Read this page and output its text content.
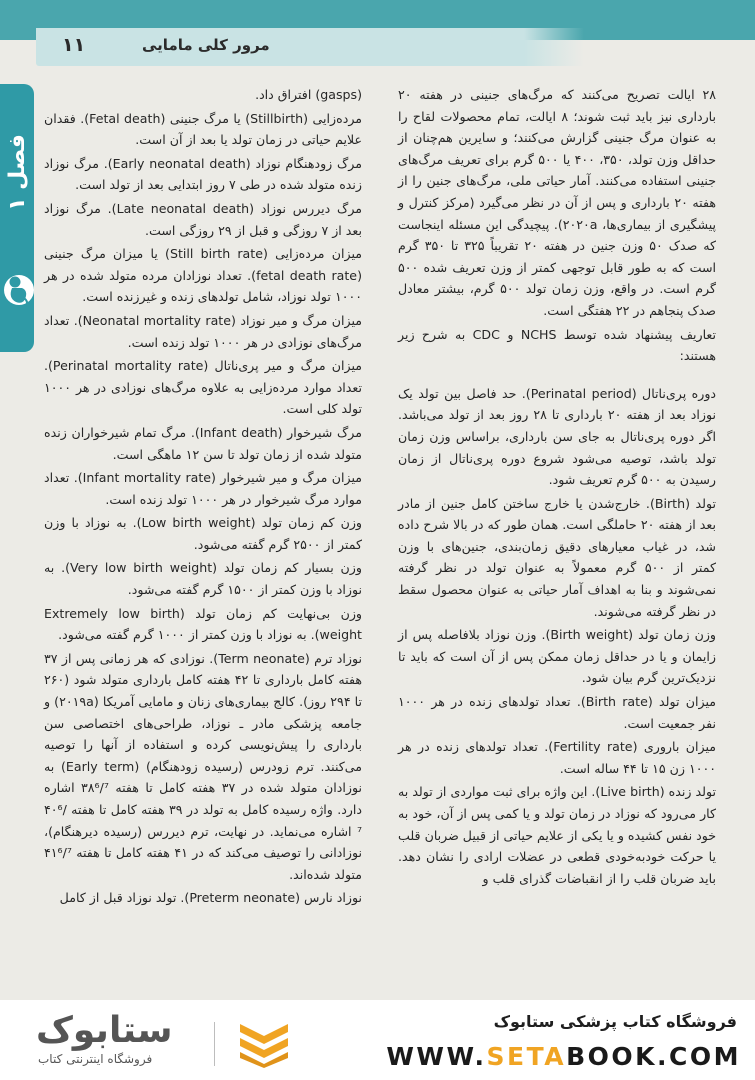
۱۱	مرور کلی مامایی
فصل ۱

۲۸ ایالت تصریح می‌کنند که مرگ‌های جنینی در هفته ۲۰ بارداری نیز باید ثبت شوند؛ ۸ ایالت، تمام محصولات لقاح را به عنوان مرگ جنینی گزارش می‌کنند؛ و سایرین هم‌چنان از حداقل وزن تولد، ۳۵۰، ۴۰۰ یا ۵۰۰ گرم برای تعریف مرگ‌های جنینی استفاده می‌کنند. آمار حیاتی ملی، مرگ‌های جنین را از هفته ۲۰ بارداری و پس از آن در نظر می‌گیرد (مرکز کنترل و پیشگیری از بیماری‌ها، ۲۰۲۰a). پیچیدگی این مسئله اینجاست که صدک ۵۰ وزن جنین در هفته ۲۰ تقریباً ۳۲۵ تا ۳۵۰ گرم است که به طور قابل توجهی کمتر از وزن تعریف شده ۵۰۰ گرم است. در واقع، وزن زمان تولد ۵۰۰ گرم، بیشتر معادل صدک پنجاهم در ۲۲ هفتگی است.

تعاریف پیشنهاد شده توسط NCHS و CDC به شرح زیر هستند:

دوره پری‌ناتال (Perinatal period). حد فاصل بین تولد یک نوزاد بعد از هفته ۲۰ بارداری تا ۲۸ روز بعد از تولد می‌باشد. اگر دوره پری‌ناتال به جای سن بارداری، براساس وزن زمان تولد باشد، توصیه می‌شود شروع دوره پری‌ناتال از زمان رسیدن به ۵۰۰ گرم تعریف شود.

تولد (Birth). خارج‌شدن یا خارج ساختن کامل جنین از مادر بعد از هفته ۲۰ حاملگی است. همان طور که در بالا شرح داده شد، در غیاب معیارهای دقیق زمان‌بندی، جنین‌های با وزن کمتر از ۵۰۰ گرم معمولاً به عنوان تولد در نظر گرفته نمی‌شوند و بنا به اهداف آمار حیاتی به عنوان محصول سقط در نظر گرفته می‌شوند.

وزن زمان تولد (Birth weight). وزن نوزاد بلافاصله پس از زایمان و یا در حداقل زمان ممکن پس از آن است که باید تا نزدیک‌ترین گرم بیان شود.

میزان تولد (Birth rate). تعداد تولدهای زنده در هر ۱۰۰۰ نفر جمعیت است.

میزان باروری (Fertility rate). تعداد تولدهای زنده در هر ۱۰۰۰ زن ۱۵ تا ۴۴ ساله است.

تولد زنده (Live birth). این واژه برای ثبت مواردی از تولد به کار می‌رود که نوزاد در زمان تولد و یا کمی پس از آن، خود به خود نفس کشیده و یا یکی از علایم حیاتی از قبیل ضربان قلب یا حرکت خودبه‌خودی قطعی در عضلات ارادی را نشان دهد. باید ضربان قلب را از انقباضات گذرای قلب و

(gasps) افتراق داد.

مرده‌زایی (Stillbirth) یا مرگ جنینی (Fetal death). فقدان علایم حیاتی در زمان تولد یا بعد از آن است.

مرگ زودهنگام نوزاد (Early neonatal death). مرگ نوزاد زنده متولد شده در طی ۷ روز ابتدایی بعد از تولد است.

مرگ دیررس نوزاد (Late neonatal death). مرگ نوزاد بعد از ۷ روزگی و قبل از ۲۹ روزگی است.

میزان مرده‌زایی (Still birth rate) یا میزان مرگ جنینی (fetal death rate). تعداد نوزادان مرده متولد شده در هر ۱۰۰۰ تولد نوزاد، شامل تولدهای زنده و غیرزنده است.

میزان مرگ و میر نوزاد (Neonatal mortality rate). تعداد مرگ‌های نوزادی در هر ۱۰۰۰ تولد زنده است.

میزان مرگ و میر پری‌ناتال (Perinatal mortality rate). تعداد موارد مرده‌زایی به علاوه مرگ‌های نوزادی در هر ۱۰۰۰ تولد کلی است.

مرگ شیرخوار (Infant death). مرگ تمام شیرخواران زنده متولد شده از زمان تولد تا سن ۱۲ ماهگی است.

میزان مرگ و میر شیرخوار (Infant mortality rate). تعداد موارد مرگ شیرخوار در هر ۱۰۰۰ تولد زنده است.

وزن کم زمان تولد (Low birth weight). به نوزاد با وزن کمتر از ۲۵۰۰ گرم گفته می‌شود.

وزن بسیار کم زمان تولد (Very low birth weight). به نوزاد با وزن کمتر از ۱۵۰۰ گرم گفته می‌شود.

وزن بی‌نهایت کم زمان تولد (Extremely low birth weight). به نوزاد با وزن کمتر از ۱۰۰۰ گرم گفته می‌شود.

نوزاد ترم (Term neonate). نوزادی که هر زمانی پس از ۳۷ هفته کامل بارداری تا ۴۲ هفته کامل بارداری متولد شود (۲۶۰ تا ۲۹۴ روز). کالج بیماری‌های زنان و مامایی آمریکا (۲۰۱۹a) و جامعه پزشکی مادر ـ نوزاد، طراحی‌های اختصاصی سن بارداری را پیش‌نویسی کرده و استفاده از آنها را توصیه می‌کنند. ترم زودرس (رسیده زودهنگام) (Early term) به نوزادان متولد شده در ۳۷ هفته کامل تا هفته ۳۸⁶/⁷ اشاره دارد. واژه رسیده کامل به تولد در ۳۹ هفته کامل تا هفته ۴۰⁶/⁷ اشاره می‌نماید. در نهایت، ترم دیررس (رسیده دیرهنگام)، نوزادانی را توصیف می‌کند که در ۴۱ هفته کامل تا هفته ۴۱⁶/⁷ متولد شده‌اند.

نوزاد نارس (Preterm neonate). تولد نوزاد قبل از کامل

فروشگاه کتاب پزشکی ستابوک
WWW.SETABOOK.COM
ستابوک
فروشگاه اینترنتی کتاب
